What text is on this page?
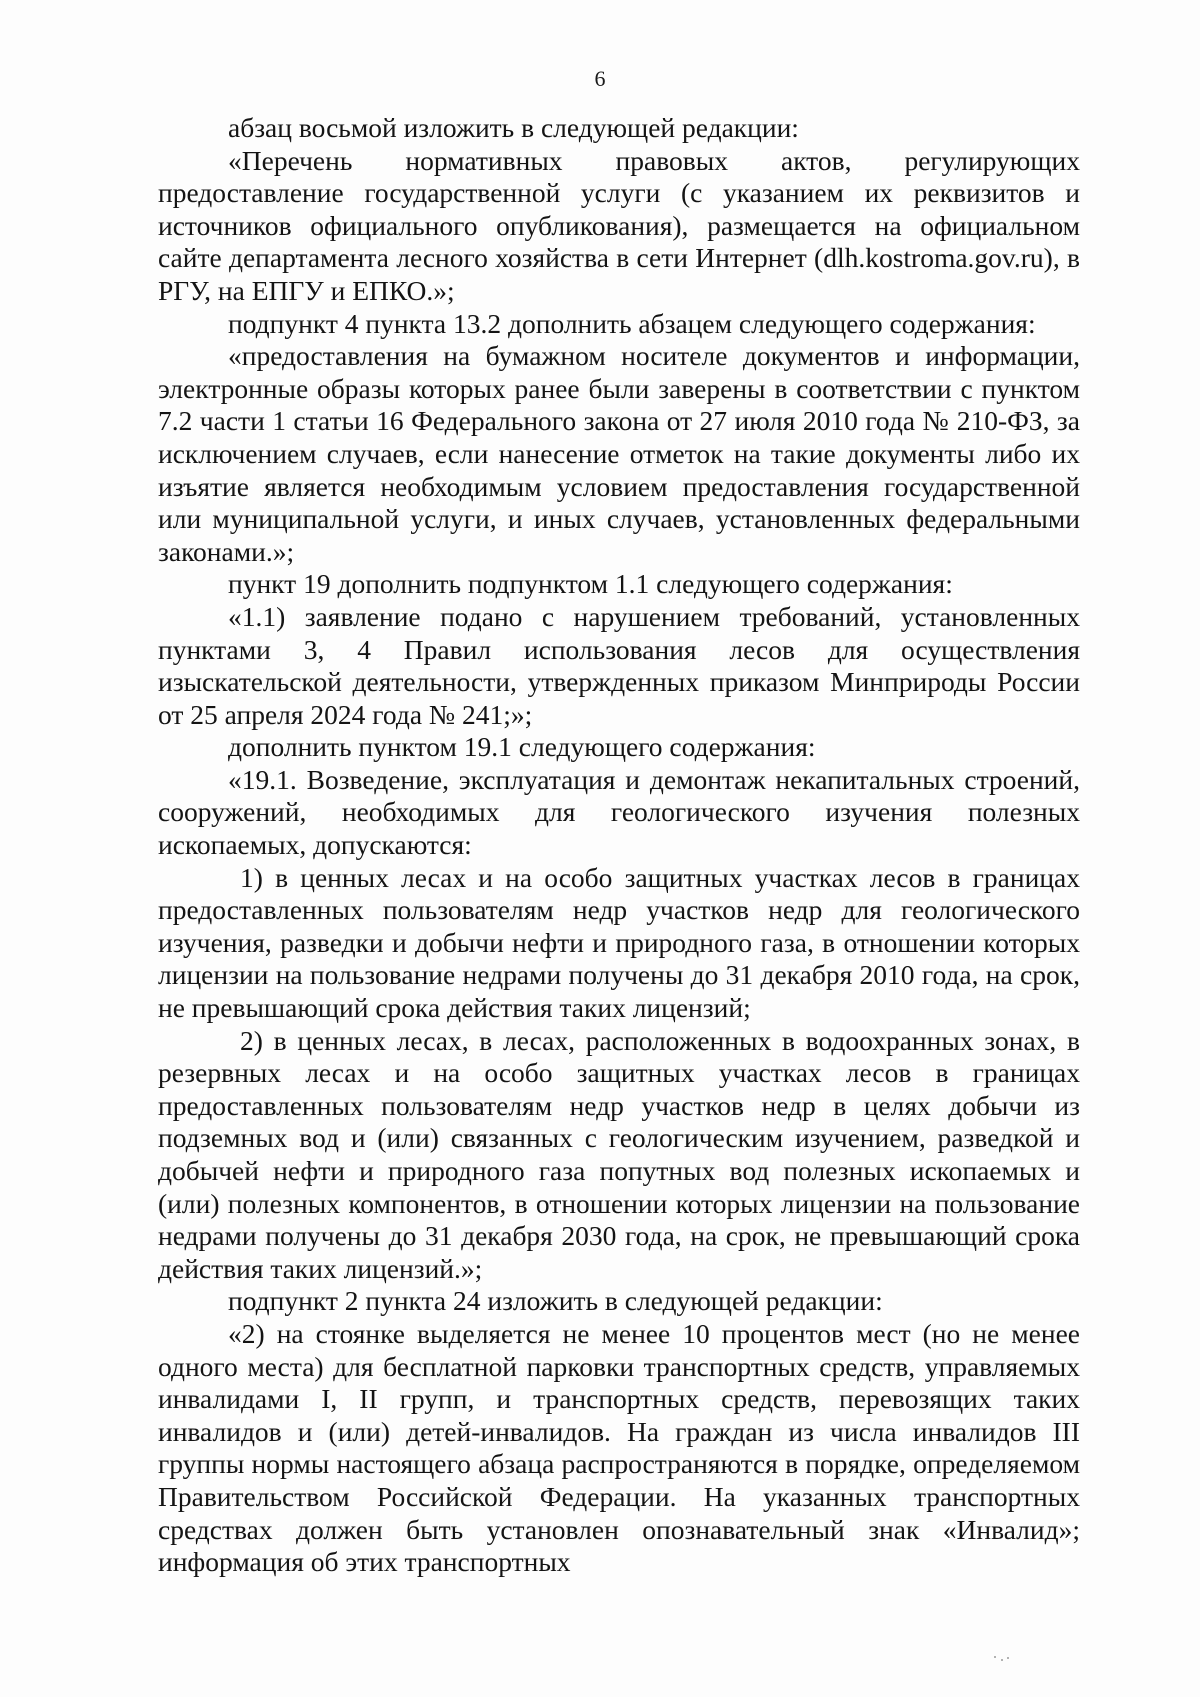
6

абзац восьмой изложить в следующей редакции:

«Перечень нормативных правовых актов, регулирующих предоставление государственной услуги (с указанием их реквизитов и источников официального опубликования), размещается на официальном сайте департамента лесного хозяйства в сети Интернет (dlh.kostroma.gov.ru), в РГУ, на ЕПГУ и ЕПКО.»;

подпункт 4 пункта 13.2 дополнить абзацем следующего содержания:

«предоставления на бумажном носителе документов и информации, электронные образы которых ранее были заверены в соответствии с пунктом 7.2 части 1 статьи 16 Федерального закона от 27 июля 2010 года № 210-ФЗ, за исключением случаев, если нанесение отметок на такие документы либо их изъятие является необходимым условием предоставления государственной или муниципальной услуги, и иных случаев, установленных федеральными законами.»;

пункт 19 дополнить подпунктом 1.1 следующего содержания:

«1.1) заявление подано с нарушением требований, установленных пунктами 3, 4 Правил использования лесов для осуществления изыскательской деятельности, утвержденных приказом Минприроды России от 25 апреля 2024 года № 241;»;

дополнить пунктом 19.1 следующего содержания:

«19.1. Возведение, эксплуатация и демонтаж некапитальных строений, сооружений, необходимых для геологического изучения полезных ископаемых, допускаются:

1) в ценных лесах и на особо защитных участках лесов в границах предоставленных пользователям недр участков недр для геологического изучения, разведки и добычи нефти и природного газа, в отношении которых лицензии на пользование недрами получены до 31 декабря 2010 года, на срок, не превышающий срока действия таких лицензий;

2) в ценных лесах, в лесах, расположенных в водоохранных зонах, в резервных лесах и на особо защитных участках лесов в границах предоставленных пользователям недр участков недр в целях добычи из подземных вод и (или) связанных с геологическим изучением, разведкой и добычей нефти и природного газа попутных вод полезных ископаемых и (или) полезных компонентов, в отношении которых лицензии на пользование недрами получены до 31 декабря 2030 года, на срок, не превышающий срока действия таких лицензий.»;

подпункт 2 пункта 24 изложить в следующей редакции:

«2) на стоянке выделяется не менее 10 процентов мест (но не менее одного места) для бесплатной парковки транспортных средств, управляемых инвалидами I, II групп, и транспортных средств, перевозящих таких инвалидов и (или) детей-инвалидов. На граждан из числа инвалидов III группы нормы настоящего абзаца распространяются в порядке, определяемом Правительством Российской Федерации. На указанных транспортных средствах должен быть установлен опознавательный знак «Инвалид»; информация об этих транспортных
